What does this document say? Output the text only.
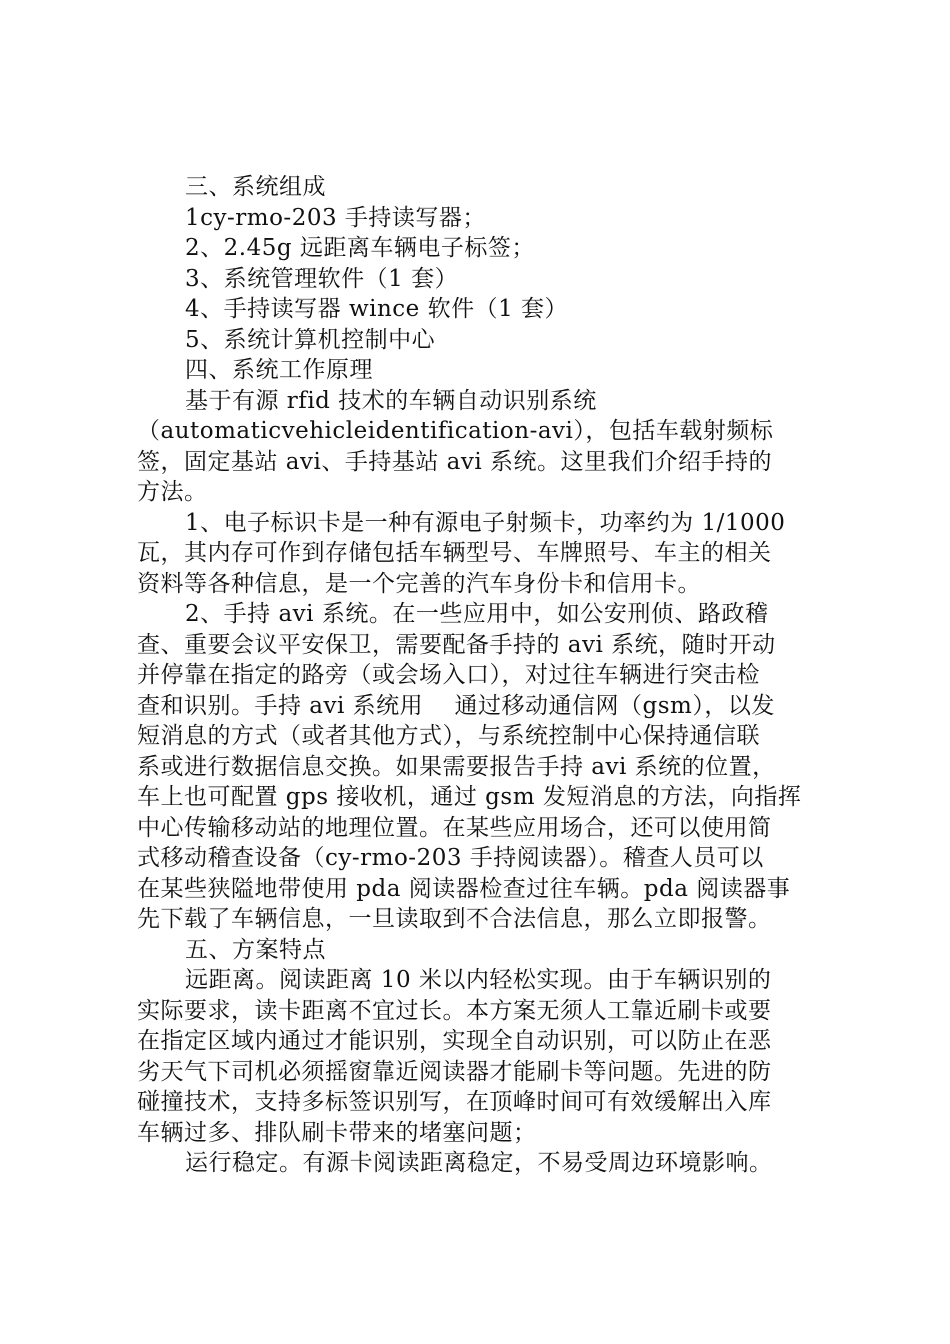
三、系统组成

1cy-rmo-203 手持读写器；

2、2.45g 远距离车辆电子标签；

3、系统管理软件（1 套）

4、手持读写器 wince 软件（1 套）

5、系统计算机控制中心

四、系统工作原理

基于有源 rfid 技术的车辆自动识别系统

（automaticvehicleidentification-avi），包括车载射频标

签，固定基站 avi、手持基站 avi 系统。这里我们介绍手持的

方法。

1、电子标识卡是一种有源电子射频卡，功率约为 1/1000

瓦，其内存可作到存储包括车辆型号、车牌照号、车主的相关

资料等各种信息，是一个完善的汽车身份卡和信用卡。

2、手持 avi 系统。在一些应用中，如公安刑侦、路政稽

查、重要会议平安保卫，需要配备手持的 avi 系统，随时开动

并停靠在指定的路旁（或会场入口），对过往车辆进行突击检

查和识别。手持 avi 系统用　 通过移动通信网（gsm），以发

短消息的方式（或者其他方式），与系统控制中心保持通信联

系或进行数据信息交换。如果需要报告手持 avi 系统的位置，

车上也可配置 gps 接收机，通过 gsm 发短消息的方法，向指挥

中心传输移动站的地理位置。在某些应用场合，还可以使用简

式移动稽查设备（cy-rmo-203 手持阅读器）。稽查人员可以

在某些狭隘地带使用 pda 阅读器检查过往车辆。pda 阅读器事

先下载了车辆信息，一旦读取到不合法信息，那么立即报警。

五、方案特点

远距离。阅读距离 10 米以内轻松实现。由于车辆识别的

实际要求，读卡距离不宜过长。本方案无须人工靠近刷卡或要

在指定区域内通过才能识别，实现全自动识别，可以防止在恶

劣天气下司机必须摇窗靠近阅读器才能刷卡等问题。先进的防

碰撞技术，支持多标签识别写，在顶峰时间可有效缓解出入库

车辆过多、排队刷卡带来的堵塞问题；

运行稳定。有源卡阅读距离稳定，不易受周边环境影响。
